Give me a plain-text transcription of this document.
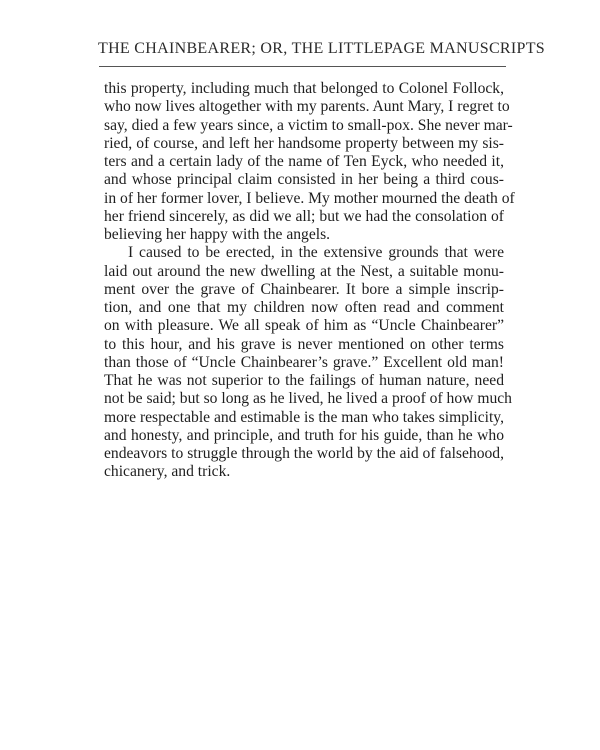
THE CHAINBEARER; OR, THE LITTLEPAGE MANUSCRIPTS
this property, including much that belonged to Colonel Follock,
who now lives altogether with my parents. Aunt Mary, I regret to
say, died a few years since, a victim to small-pox. She never mar-
ried, of course, and left her handsome property between my sis-
ters and a certain lady of the name of Ten Eyck, who needed it,
and whose principal claim consisted in her being a third cous-
in of her former lover, I believe. My mother mourned the death of
her friend sincerely, as did we all; but we had the consolation of
believing her happy with the angels.
I caused to be erected, in the extensive grounds that were
laid out around the new dwelling at the Nest, a suitable monu-
ment over the grave of Chainbearer. It bore a simple inscrip-
tion, and one that my children now often read and comment
on with pleasure. We all speak of him as “Uncle Chainbearer”
to this hour, and his grave is never mentioned on other terms
than those of “Uncle Chainbearer’s grave.” Excellent old man!
That he was not superior to the failings of human nature, need
not be said; but so long as he lived, he lived a proof of how much
more respectable and estimable is the man who takes simplicity,
and honesty, and principle, and truth for his guide, than he who
endeavors to struggle through the world by the aid of falsehood,
chicanery, and trick.
